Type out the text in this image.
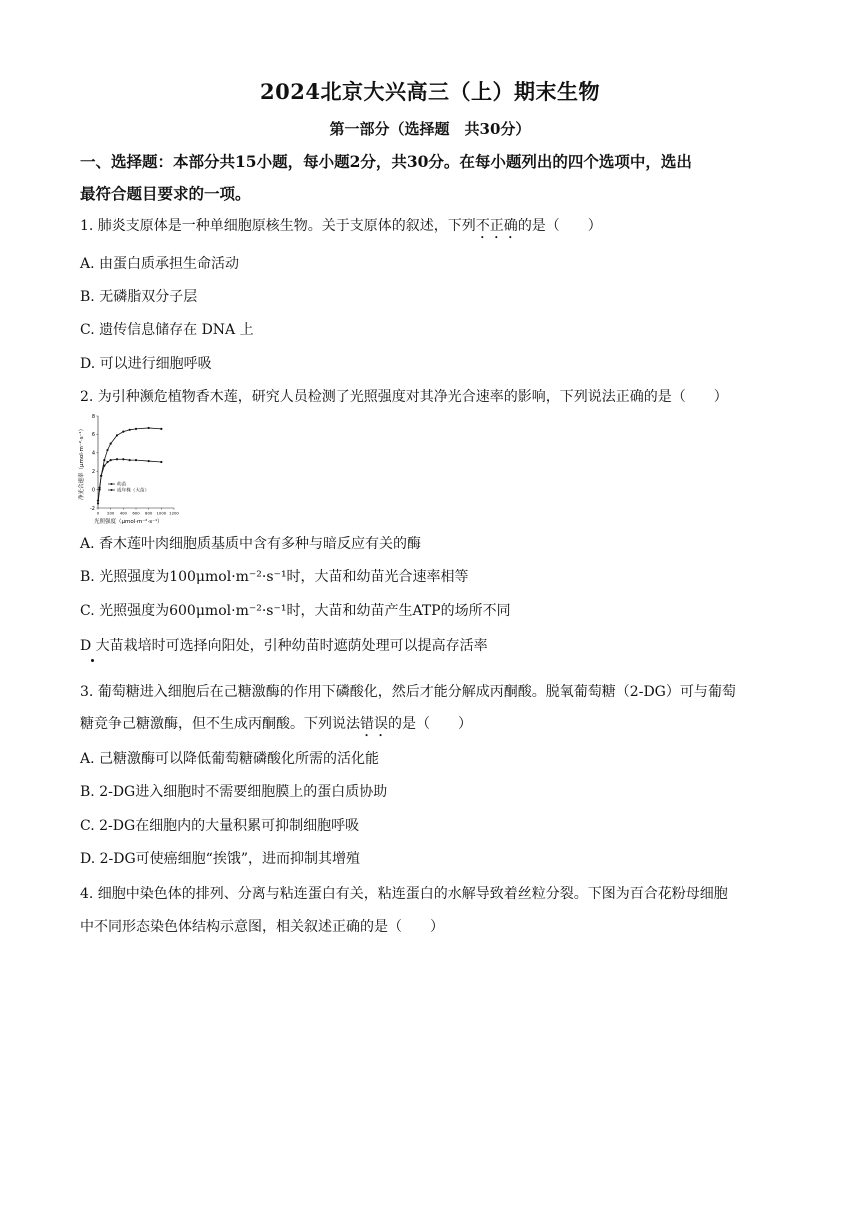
2024北京大兴高三（上）期末生物
第一部分（选择题　共30分）
一、选择题：本部分共15小题，每小题2分，共30分。在每小题列出的四个选项中，选出
最符合题目要求的一项。
1. 肺炎支原体是一种单细胞原核生物。关于支原体的叙述，下列不正确的是（　　）
A. 由蛋白质承担生命活动
B. 无磷脂双分子层
C. 遗传信息储存在 DNA 上
D. 可以进行细胞呼吸
2. 为引种濒危植物香木莲，研究人员检测了光照强度对其净光合速率的影响，下列说法正确的是（　　）
净光合速率（μmol·m⁻²·s⁻¹）
光照强度（μmol·m⁻²·s⁻¹）
-2
0
2
4
6
8
0 200 400 600 800 1000 1200
幼苗
成年株（大苗）
A. 香木莲叶肉细胞质基质中含有多种与暗反应有关的酶
B. 光照强度为100μmol·m⁻²·s⁻¹时，大苗和幼苗光合速率相等
C. 光照强度为600μmol·m⁻²·s⁻¹时，大苗和幼苗产生ATP的场所不同
D 大苗栽培时可选择向阳处，引种幼苗时遮荫处理可以提高存活率
3. 葡萄糖进入细胞后在己糖激酶的作用下磷酸化，然后才能分解成丙酮酸。脱氧葡萄糖（2-DG）可与葡萄
糖竞争己糖激酶，但不生成丙酮酸。下列说法错误的是（　　）
A. 己糖激酶可以降低葡萄糖磷酸化所需的活化能
B. 2-DG进入细胞时不需要细胞膜上的蛋白质协助
C. 2-DG在细胞内的大量积累可抑制细胞呼吸
D. 2-DG可使癌细胞“挨饿”，进而抑制其增殖
4. 细胞中染色体的排列、分离与粘连蛋白有关，粘连蛋白的水解导致着丝粒分裂。下图为百合花粉母细胞
中不同形态染色体结构示意图，相关叙述正确的是（　　）
